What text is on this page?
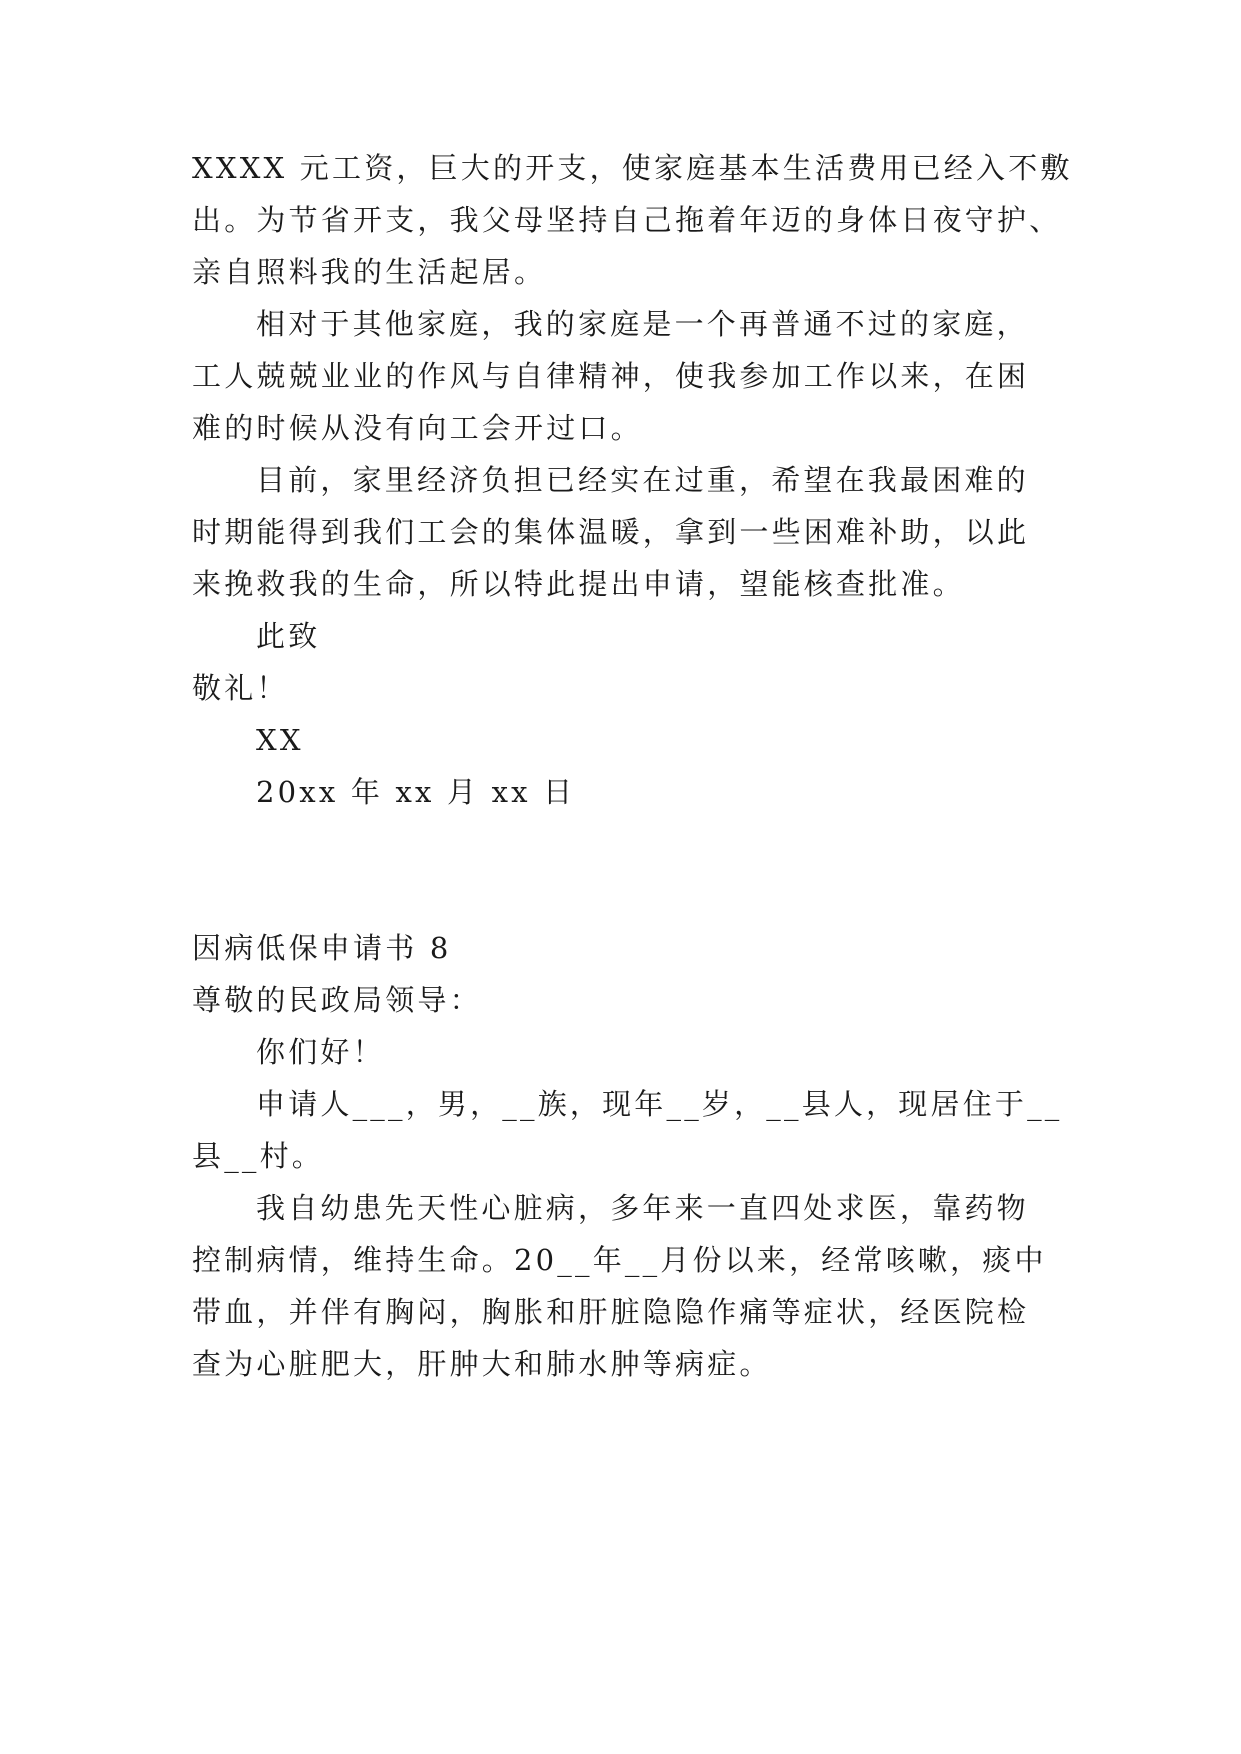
XXXX 元工资，巨大的开支，使家庭基本生活费用已经入不敷
出。为节省开支，我父母坚持自己拖着年迈的身体日夜守护、
亲自照料我的生活起居。
相对于其他家庭，我的家庭是一个再普通不过的家庭，
工人兢兢业业的作风与自律精神，使我参加工作以来，在困
难的时候从没有向工会开过口。
目前，家里经济负担已经实在过重，希望在我最困难的
时期能得到我们工会的集体温暖，拿到一些困难补助，以此
来挽救我的生命，所以特此提出申请，望能核查批准。
此致
敬礼！
XX
20xx 年 xx 月 xx 日
因病低保申请书 8
尊敬的民政局领导：
你们好！
申请人___，男，__族，现年__岁，__县人，现居住于__
县__村。
我自幼患先天性心脏病，多年来一直四处求医，靠药物
控制病情，维持生命。20__年__月份以来，经常咳嗽，痰中
带血，并伴有胸闷，胸胀和肝脏隐隐作痛等症状，经医院检
查为心脏肥大，肝肿大和肺水肿等病症。
